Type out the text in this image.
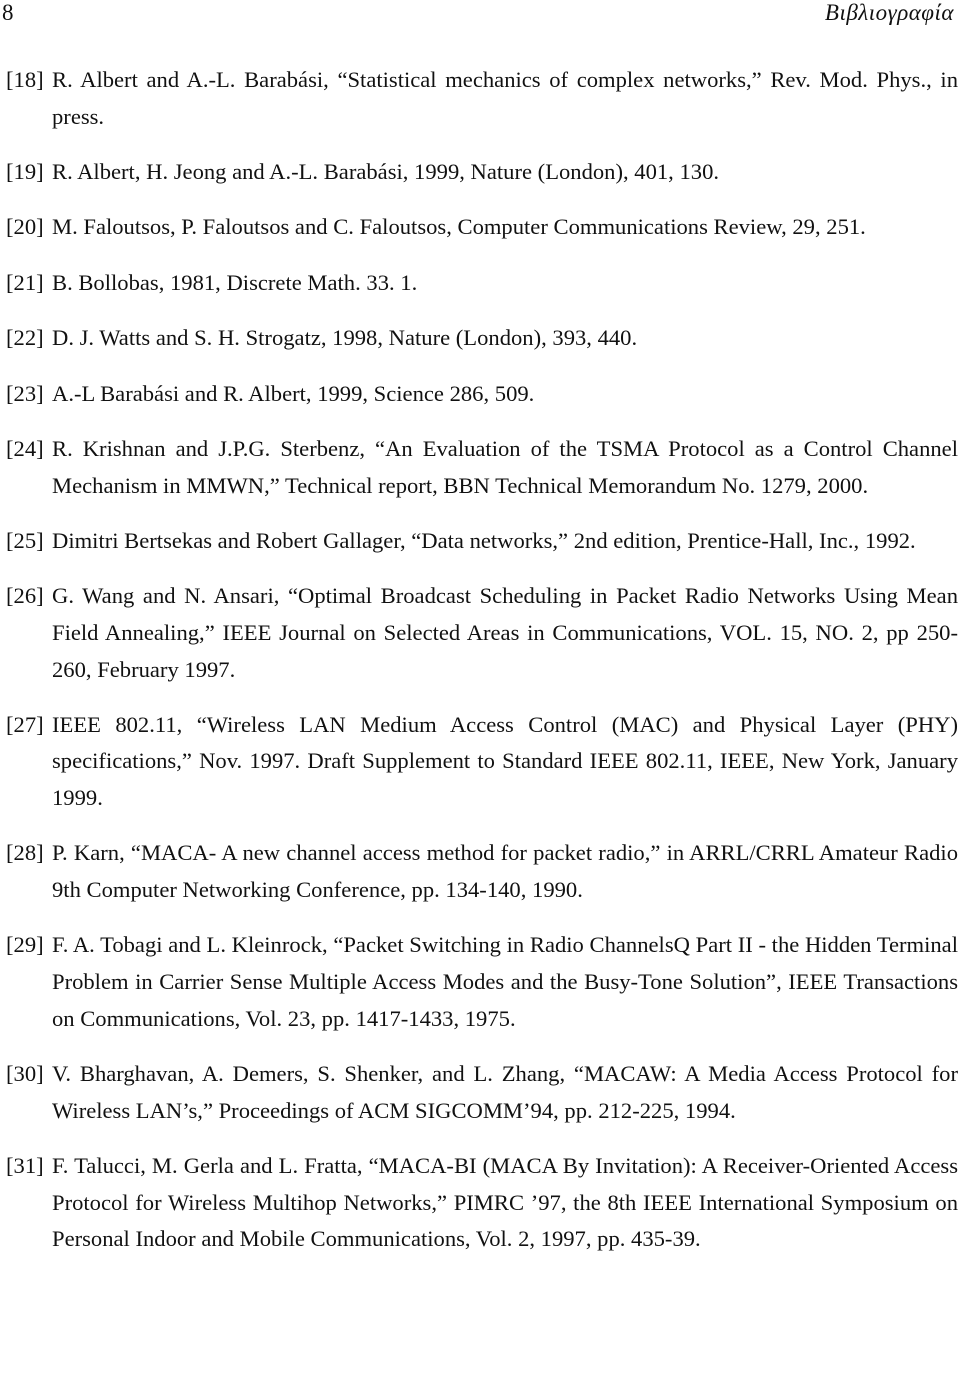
8	Βιβλιογραφία
[18] R. Albert and A.-L. Barabási, “Statistical mechanics of complex networks,” Rev. Mod. Phys., in press.
[19] R. Albert, H. Jeong and A.-L. Barabási, 1999, Nature (London), 401, 130.
[20] M. Faloutsos, P. Faloutsos and C. Faloutsos, Computer Communications Review, 29, 251.
[21] B. Bollobas, 1981, Discrete Math. 33. 1.
[22] D. J. Watts and S. H. Strogatz, 1998, Nature (London), 393, 440.
[23] A.-L Barabási and R. Albert, 1999, Science 286, 509.
[24] R. Krishnan and J.P.G. Sterbenz, “An Evaluation of the TSMA Protocol as a Control Channel Mechanism in MMWN,” Technical report, BBN Technical Memorandum No. 1279, 2000.
[25] Dimitri Bertsekas and Robert Gallager, “Data networks,” 2nd edition, Prentice-Hall, Inc., 1992.
[26] G. Wang and N. Ansari, “Optimal Broadcast Scheduling in Packet Radio Networks Using Mean Field Annealing,” IEEE Journal on Selected Areas in Communications, VOL. 15, NO. 2, pp 250-260, February 1997.
[27] IEEE 802.11, “Wireless LAN Medium Access Control (MAC) and Physical Layer (PHY) specifications,” Nov. 1997. Draft Supplement to Standard IEEE 802.11, IEEE, New York, January 1999.
[28] P. Karn, “MACA- A new channel access method for packet radio,” in ARRL/CRRL Amateur Radio 9th Computer Networking Conference, pp. 134-140, 1990.
[29] F. A. Tobagi and L. Kleinrock, “Packet Switching in Radio ChannelsQ Part II - the Hidden Terminal Problem in Carrier Sense Multiple Access Modes and the Busy-Tone Solution”, IEEE Transactions on Communications, Vol. 23, pp. 1417-1433, 1975.
[30] V. Bharghavan, A. Demers, S. Shenker, and L. Zhang, “MACAW: A Media Access Protocol for Wireless LAN’s,” Proceedings of ACM SIGCOMM’94, pp. 212-225, 1994.
[31] F. Talucci, M. Gerla and L. Fratta, “MACA-BI (MACA By Invitation): A Receiver-Oriented Access Protocol for Wireless Multihop Networks,” PIMRC ’97, the 8th IEEE International Symposium on Personal Indoor and Mobile Communications, Vol. 2, 1997, pp. 435-39.
